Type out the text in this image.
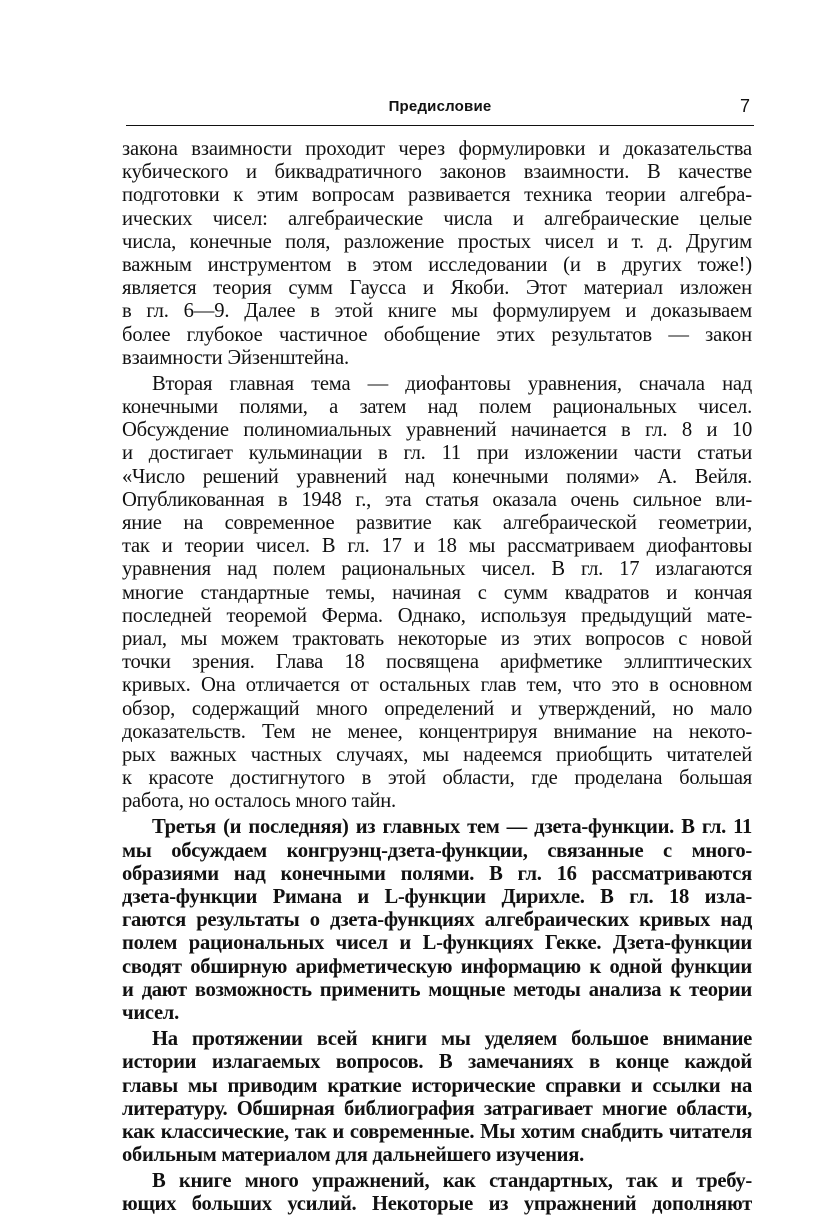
Предисловие	7
закона взаимности проходит через формулировки и доказательства
кубического и биквадратичного законов взаимности. В качестве
подготовки к этим вопросам развивается техника теории алгебра-
ических чисел: алгебраические числа и алгебраические целые
числа, конечные поля, разложение простых чисел и т. д. Другим
важным инструментом в этом исследовании (и в других тоже!)
является теория сумм Гаусса и Якоби. Этот материал изложен
в гл. 6—9. Далее в этой книге мы формулируем и доказываем
более глубокое частичное обобщение этих результатов — закон
взаимности Эйзенштейна.
Вторая главная тема — диофантовы уравнения, сначала над
конечными полями, а затем над полем рациональных чисел.
Обсуждение полиномиальных уравнений начинается в гл. 8 и 10
и достигает кульминации в гл. 11 при изложении части статьи
«Число решений уравнений над конечными полями» А. Вейля.
Опубликованная в 1948 г., эта статья оказала очень сильное вли-
яние на современное развитие как алгебраической геометрии,
так и теории чисел. В гл. 17 и 18 мы рассматриваем диофантовы
уравнения над полем рациональных чисел. В гл. 17 излагаются
многие стандартные темы, начиная с сумм квадратов и кончая
последней теоремой Ферма. Однако, используя предыдущий мате-
риал, мы можем трактовать некоторые из этих вопросов с новой
точки зрения. Глава 18 посвящена арифметике эллиптических
кривых. Она отличается от остальных глав тем, что это в основном
обзор, содержащий много определений и утверждений, но мало
доказательств. Тем не менее, концентрируя внимание на некото-
рых важных частных случаях, мы надеемся приобщить читателей
к красоте достигнутого в этой области, где проделана большая
работа, но осталось много тайн.
Третья (и последняя) из главных тем — дзета-функции. В гл. 11
мы обсуждаем конгруэнц-дзета-функции, связанные с много-
образиями над конечными полями. В гл. 16 рассматриваются
дзета-функции Римана и L-функции Дирихле. В гл. 18 изла-
гаются результаты о дзета-функциях алгебраических кривых над
полем рациональных чисел и L-функциях Гекке. Дзета-функции
сводят обширную арифметическую информацию к одной функции
и дают возможность применить мощные методы анализа к теории
чисел.
На протяжении всей книги мы уделяем большое внимание
истории излагаемых вопросов. В замечаниях в конце каждой
главы мы приводим краткие исторические справки и ссылки на
литературу. Обширная библиография затрагивает многие области,
как классические, так и современные. Мы хотим снабдить читателя
обильным материалом для дальнейшего изучения.
В книге много упражнений, как стандартных, так и требу-
ющих больших усилий. Некоторые из упражнений дополняют
